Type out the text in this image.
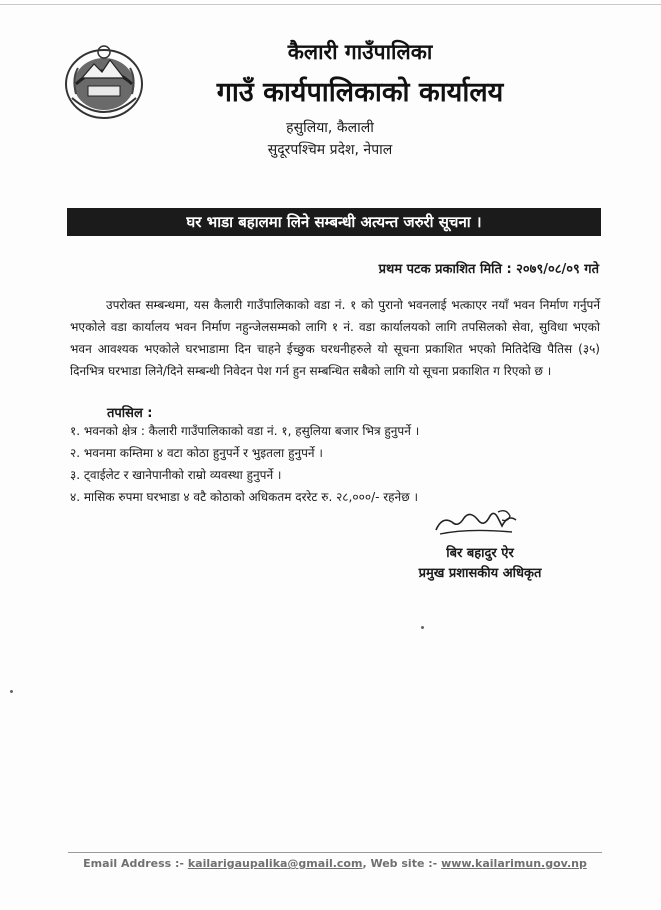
कैलारी गाउँपालिका
गाउँ कार्यपालिकाको कार्यालय
हसुलिया, कैलाली
सुदूरपश्चिम प्रदेश, नेपाल
घर भाडा बहालमा लिने सम्बन्धी अत्यन्त जरुरी सूचना ।
प्रथम पटक प्रकाशित मिति : २०७९/०८/०९ गते
उपरोक्त सम्बन्धमा, यस कैलारी गाउँपालिकाको वडा नं. १ को पुरानो भवनलाई भत्काएर नयाँ भवन निर्माण गर्नुपर्ने भएकोले वडा कार्यालय भवन निर्माण नहुन्जेलसम्मको लागि १ नं. वडा कार्यालयको लागि तपसिलको सेवा, सुविधा भएको भवन आवश्यक भएकोले घरभाडामा दिन चाहने ईच्छुक घरधनीहरुले यो सूचना प्रकाशित भएको मितिदेखि पैतिस (३५) दिनभित्र घरभाडा लिने/दिने सम्बन्धी निवेदन पेश गर्न हुन सम्बन्धित सबैको लागि यो सूचना प्रकाशित ग रिएको छ ।
तपसिल :
१. भवनको क्षेत्र : कैलारी गाउँपालिकाको वडा नं. १, हसुलिया बजार भित्र हुनुपर्ने ।
२. भवनमा कम्तिमा ४ वटा कोठा हुनुपर्ने र भुइतला हुनुपर्ने ।
३. ट्वाईलेट र खानेपानीको राम्रो व्यवस्था हुनुपर्ने ।
४. मासिक रुपमा घरभाडा ४ वटै कोठाको अधिकतम दररेट रु. २८,०००/- रहनेछ ।
बिर बहादुर ऐर
प्रमुख प्रशासकीय अधिकृत
Email Address :- kailarigaupalika@gmail.com, Web site :- www.kailarimun.gov.np
